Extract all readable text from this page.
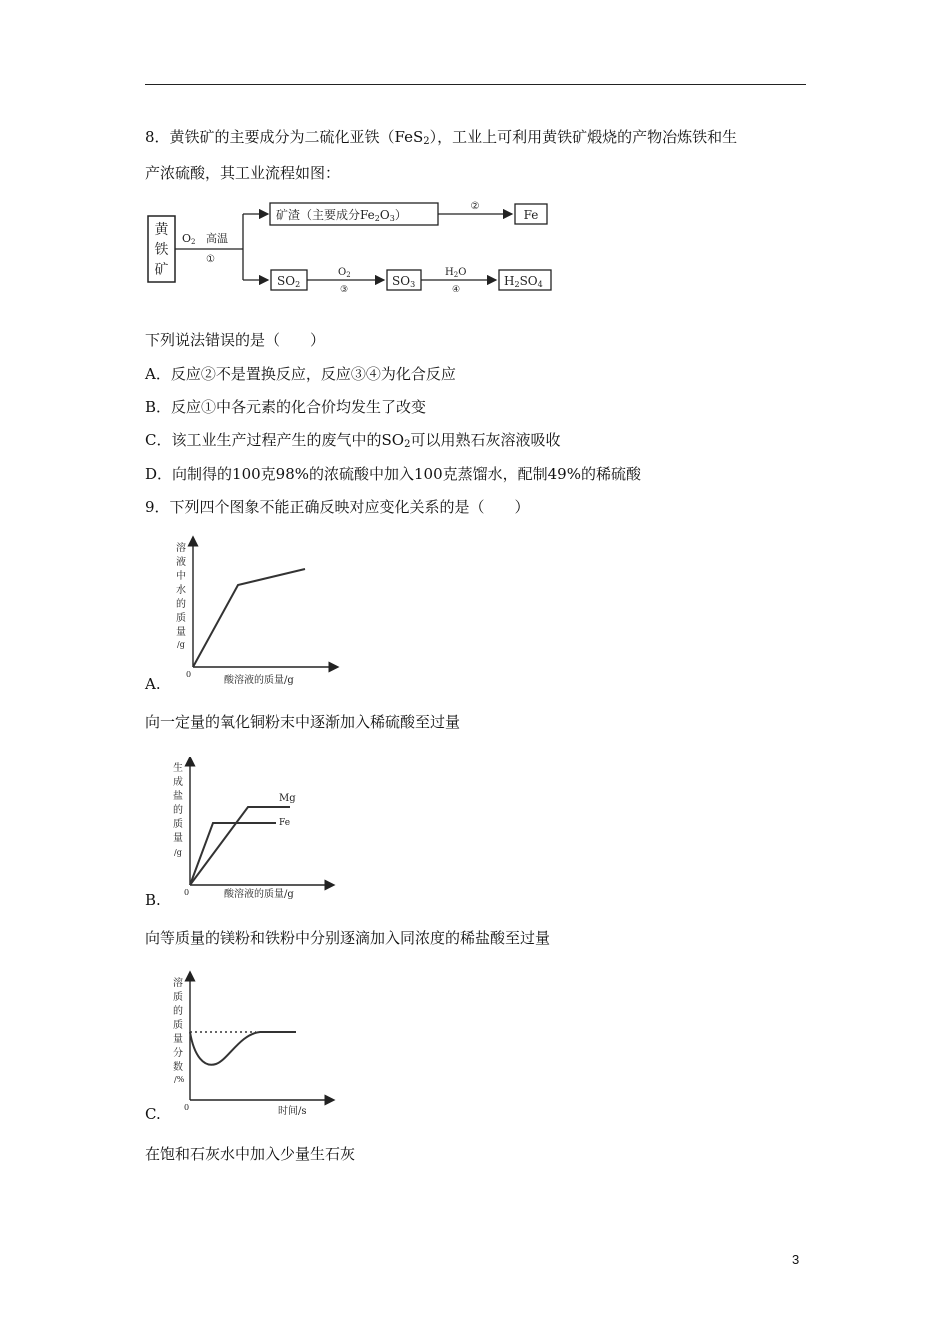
8．黄铁矿的主要成分为二硫化亚铁（FeS$_2$），工业上可利用黄铁矿煅烧的产物冶炼铁和生
产浓硫酸，其工业流程如图：
黄
铁
矿
O2 高温
①
矿渣（主要成分Fe2O3）
②
Fe
SO2
$O_2$
③
SO3
$H_2O$
④
H2SO4
下列说法错误的是（　　）
A．反应②不是置换反应，反应③④为化合反应
B．反应①中各元素的化合价均发生了改变
C．该工业生产过程产生的废气中的$SO_2$可以用熟石灰溶液吸收
D．向制得的100克98%的浓硫酸中加入100克蒸馏水，配制49%的稀硫酸
9．下列四个图象不能正确反映对应变化关系的是（　　）
溶
液
中
水
的
质
量
/g
0
酸溶液的质量/g
A.
向一定量的氧化铜粉末中逐渐加入稀硫酸至过量
生
成
盐
的
质
量
/g
0	酸溶液的质量/g
Mg
Fe
B.
向等质量的镁粉和铁粉中分别逐滴加入同浓度的稀盐酸至过量
溶
质
的
质
量
分
数
/%
0	时间/s
C.
在饱和石灰水中加入少量生石灰
3
